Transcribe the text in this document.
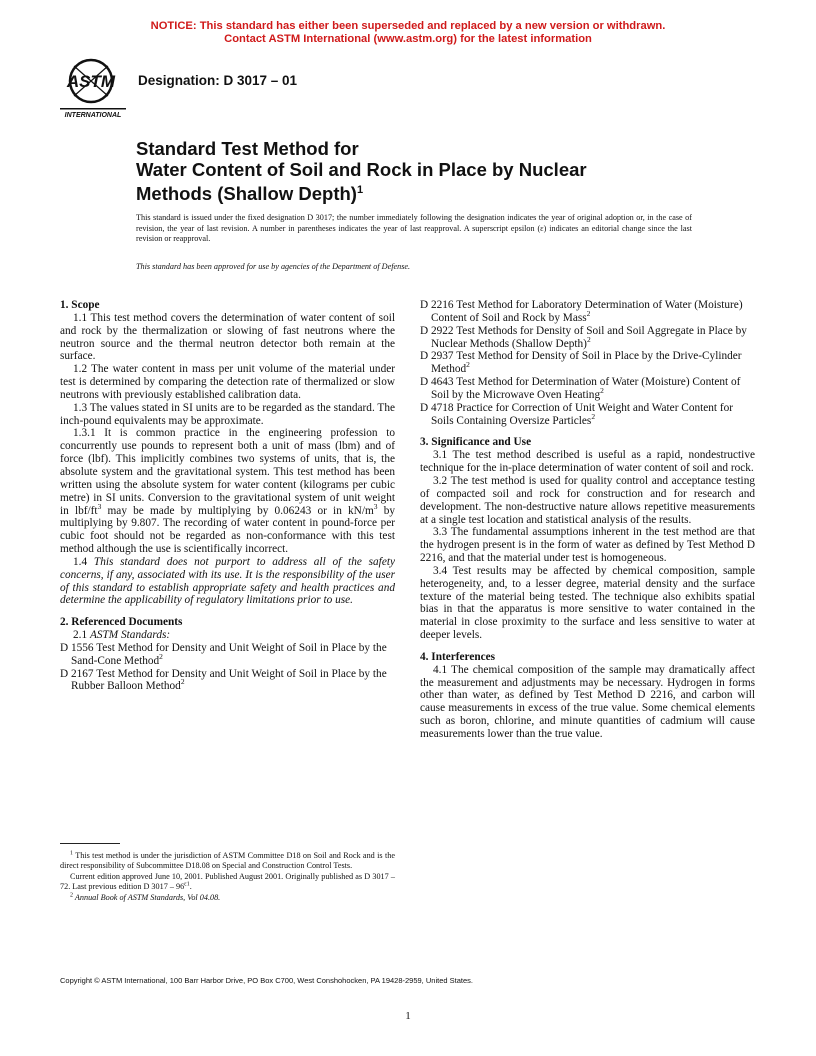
NOTICE: This standard has either been superseded and replaced by a new version or withdrawn.
Contact ASTM International (www.astm.org) for the latest information
ASTM
INTERNATIONAL
Designation: D 3017 – 01
Standard Test Method for
Water Content of Soil and Rock in Place by Nuclear
Methods (Shallow Depth)$^1$
This standard is issued under the fixed designation D 3017; the number immediately following the designation indicates the year of original adoption or, in the case of revision, the year of last revision. A number in parentheses indicates the year of last reapproval. A superscript epsilon (ε) indicates an editorial change since the last revision or reapproval.
This standard has been approved for use by agencies of the Department of Defense.
1. Scope

1.1 This test method covers the determination of water content of soil and rock by the thermalization or slowing of fast neutrons where the neutron source and the thermal neutron detector both remain at the surface.

1.2 The water content in mass per unit volume of the material under test is determined by comparing the detection rate of thermalized or slow neutrons with previously established calibration data.

1.3 The values stated in SI units are to be regarded as the standard. The inch-pound equivalents may be approximate.

1.3.1 It is common practice in the engineering profession to concurrently use pounds to represent both a unit of mass (lbm) and of force (lbf). This implicitly combines two systems of units, that is, the absolute system and the gravitational system. This test method has been written using the absolute system for water content (kilograms per cubic metre) in SI units. Conversion to the gravitational system of unit weight in lbf/$ft^3$ may be made by multiplying by 0.06243 or in $kN/m^3$ by multiplying by 9.807. The recording of water content in pound-force per cubic foot should not be regarded as non-conformance with this test method although the use is scientifically incorrect.

1.4 This standard does not purport to address all of the safety concerns, if any, associated with its use. It is the responsibility of the user of this standard to establish appropriate safety and health practices and determine the applicability of regulatory limitations prior to use.

2. Referenced Documents

2.1 ASTM Standards:

D 1556 Test Method for Density and Unit Weight of Soil in Place by the Sand-Cone Method$^2$

D 2167 Test Method for Density and Unit Weight of Soil in Place by the Rubber Balloon Method$^2$

D 2216 Test Method for Laboratory Determination of Water (Moisture) Content of Soil and Rock by Mass$^2$

D 2922 Test Methods for Density of Soil and Soil Aggregate in Place by Nuclear Methods (Shallow Depth)$^2$

D 2937 Test Method for Density of Soil in Place by the Drive-Cylinder Method$^2$

D 4643 Test Method for Determination of Water (Moisture) Content of Soil by the Microwave Oven Heating$^2$

D 4718 Practice for Correction of Unit Weight and Water Content for Soils Containing Oversize Particles$^2$

3. Significance and Use

3.1 The test method described is useful as a rapid, nondestructive technique for the in-place determination of water content of soil and rock.

3.2 The test method is used for quality control and acceptance testing of compacted soil and rock for construction and for research and development. The non-destructive nature allows repetitive measurements at a single test location and statistical analysis of the results.

3.3 The fundamental assumptions inherent in the test method are that the hydrogen present is in the form of water as defined by Test Method D 2216, and that the material under test is homogeneous.

3.4 Test results may be affected by chemical composition, sample heterogeneity, and, to a lesser degree, material density and the surface texture of the material being tested. The technique also exhibits spatial bias in that the apparatus is more sensitive to water contained in the material in close proximity to the surface and less sensitive to water at deeper levels.

4. Interferences

4.1 The chemical composition of the sample may dramatically affect the measurement and adjustments may be necessary. Hydrogen in forms other than water, as defined by Test Method D 2216, and carbon will cause measurements in excess of the true value. Some chemical elements such as boron, chlorine, and minute quantities of cadmium will cause measurements lower than the true value.

$^1$ This test method is under the jurisdiction of ASTM Committee D18 on Soil and Rock and is the direct responsibility of Subcommittee D18.08 on Special and Construction Control Tests.

Current edition approved June 10, 2001. Published August 2001. Originally published as D 3017 – 72. Last previous edition D $3017 - 96^{\varepsilon 1}$.

$^2$ Annual Book of ASTM Standards, Vol 04.08.

Copyright © ASTM International, 100 Barr Harbor Drive, PO Box C700, West Conshohocken, PA 19428-2959, United States.
1
